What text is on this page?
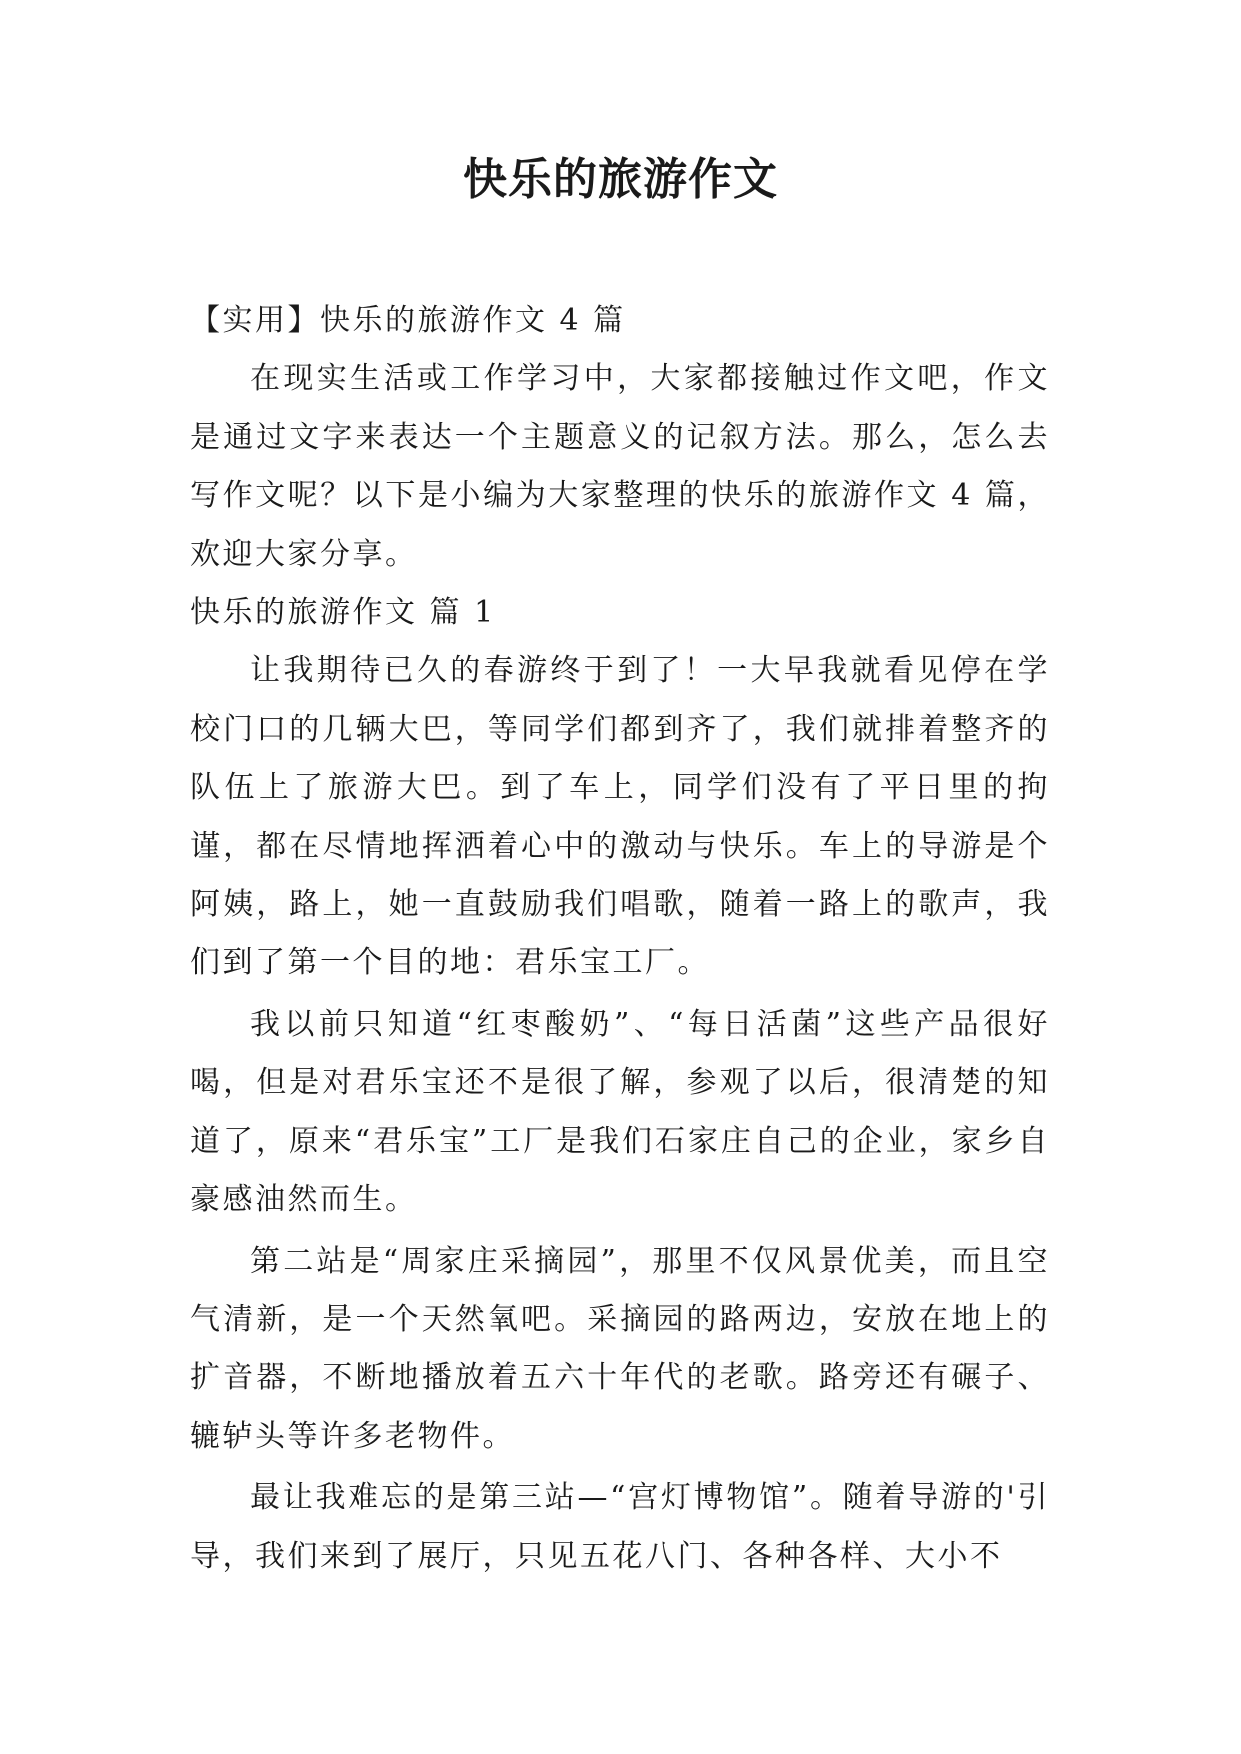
快乐的旅游作文

【实用】快乐的旅游作文 4 篇

在现实生活或工作学习中，大家都接触过作文吧，作文是通过文字来表达一个主题意义的记叙方法。那么，怎么去写作文呢？以下是小编为大家整理的快乐的旅游作文 4 篇，欢迎大家分享。

快乐的旅游作文 篇 1

让我期待已久的春游终于到了！一大早我就看见停在学校门口的几辆大巴，等同学们都到齐了，我们就排着整齐的队伍上了旅游大巴。到了车上，同学们没有了平日里的拘谨，都在尽情地挥洒着心中的激动与快乐。车上的导游是个阿姨，路上，她一直鼓励我们唱歌，随着一路上的歌声，我们到了第一个目的地：君乐宝工厂。

我以前只知道“红枣酸奶”、“每日活菌”这些产品很好喝，但是对君乐宝还不是很了解，参观了以后，很清楚的知道了，原来“君乐宝”工厂是我们石家庄自己的企业，家乡自豪感油然而生。

第二站是“周家庄采摘园”，那里不仅风景优美，而且空气清新，是一个天然氧吧。采摘园的路两边，安放在地上的扩音器，不断地播放着五六十年代的老歌。路旁还有碾子、辘轳头等许多老物件。

最让我难忘的是第三站—“宫灯博物馆”。随着导游的'引导，我们来到了展厅，只见五花八门、各种各样、大小不
